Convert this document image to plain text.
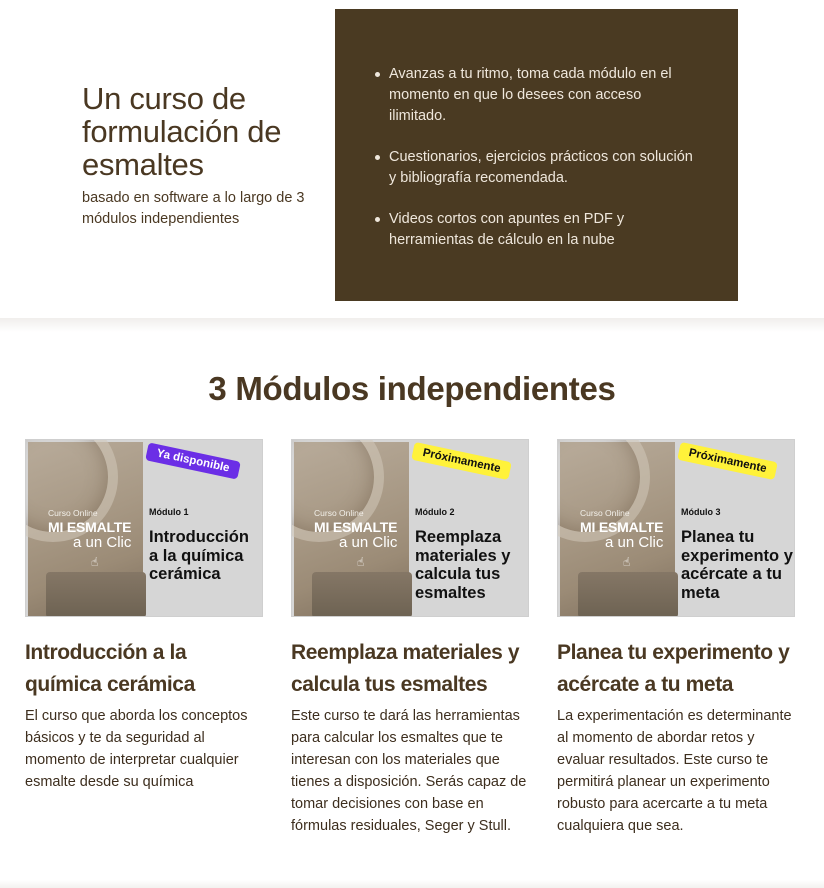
Un curso de formulación de esmaltes

basado en software a lo largo de 3 módulos independientes

Avanzas a tu ritmo, toma cada módulo en el momento en que lo desees con acceso ilimitado.
Cuestionarios, ejercicios prácticos con solución y bibliografía recomendada.
Videos cortos con apuntes en PDF y herramientas de cálculo en la nube
3 Módulos independientes
Curso Online
MI ESMALTE
a un Clic
☝
Ya disponible
Módulo 1
Introducción a la química cerámica
Introducción a la química cerámica

El curso que aborda los conceptos básicos y te da seguridad al momento de interpretar cualquier esmalte desde su química

Curso Online
MI ESMALTE
a un Clic
☝
Próximamente
Módulo 2
Reemplaza materiales y calcula tus esmaltes
Reemplaza materiales y calcula tus esmaltes

Este curso te dará las herramientas para calcular los esmaltes que te interesan con los materiales que tienes a disposición. Serás capaz de tomar decisiones con base en fórmulas residuales, Seger y Stull.

Curso Online
MI ESMALTE
a un Clic
☝
Próximamente
Módulo 3
Planea tu experimento y acércate a tu meta
Planea tu experimento y acércate a tu meta

La experimentación es determinante al momento de abordar retos y evaluar resultados. Este curso te permitirá planear un experimento robusto para acercarte a tu meta cualquiera que sea.
